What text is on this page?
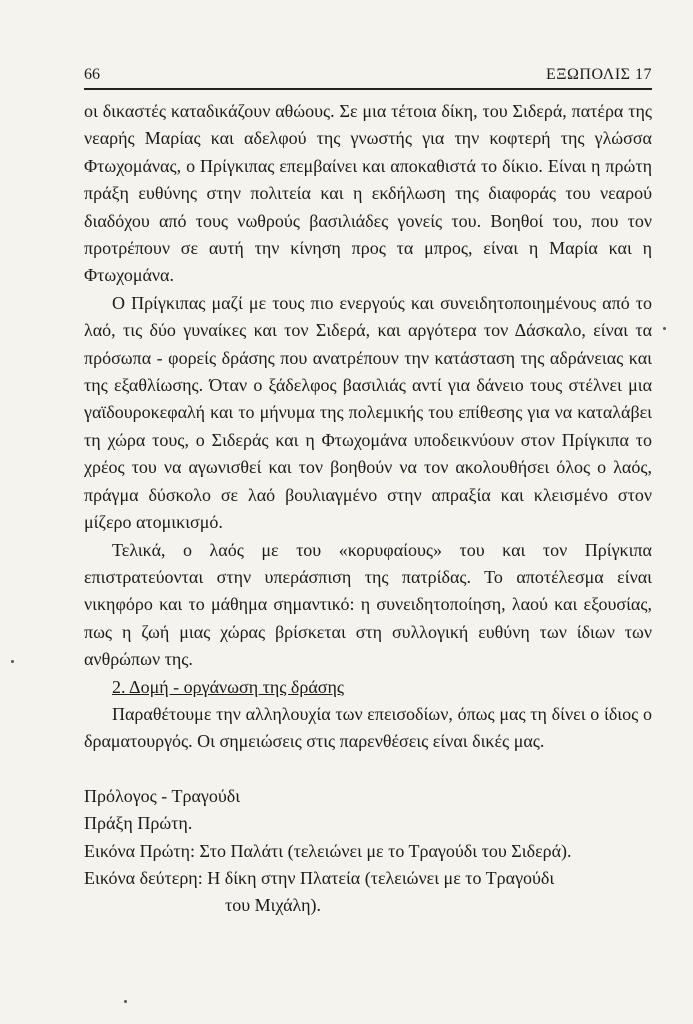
66	ΕΞΩΠΟΛΙΣ 17

οι δικαστές καταδικάζουν αθώους. Σε μια τέτοια δίκη, του Σιδερά, πατέρα της νεαρής Μαρίας και αδελφού της γνωστής για την κοφτερή της γλώσσα Φτωχομάνας, ο Πρίγκιπας επεμβαίνει και αποκαθιστά το δίκιο. Είναι η πρώτη πράξη ευθύνης στην πολιτεία και η εκδήλωση της διαφοράς του νεαρού διαδόχου από τους νωθρούς βασιλιάδες γονείς του. Βοηθοί του, που τον προτρέπουν σε αυτή την κίνηση προς τα μπρος, είναι η Μαρία και η Φτωχομάνα.

Ο Πρίγκιπας μαζί με τους πιο ενεργούς και συνειδητοποιημένους από το λαό, τις δύο γυναίκες και τον Σιδερά, και αργότερα τον Δάσκαλο, είναι τα πρόσωπα - φορείς δράσης που ανατρέπουν την κατάσταση της αδράνειας και της εξαθλίωσης. Όταν ο ξάδελφος βασιλιάς αντί για δάνειο τους στέλνει μια γαϊδουροκεφαλή και το μήνυμα της πολεμικής του επίθεσης για να καταλάβει τη χώρα τους, ο Σιδεράς και η Φτωχομάνα υποδεικνύουν στον Πρίγκιπα το χρέος του να αγωνισθεί και τον βοηθούν να τον ακολουθήσει όλος ο λαός, πράγμα δύσκολο σε λαό βουλιαγμένο στην απραξία και κλεισμένο στον μίζερο ατομικισμό.

Τελικά, ο λαός με του «κορυφαίους» του και τον Πρίγκιπα επιστρατεύονται στην υπεράσπιση της πατρίδας. Το αποτέλεσμα είναι νικηφόρο και το μάθημα σημαντικό: η συνειδητοποίηση, λαού και εξουσίας, πως η ζωή μιας χώρας βρίσκεται στη συλλογική ευθύνη των ίδιων των ανθρώπων της.

2. Δομή - οργάνωση της δράσης

Παραθέτουμε την αλληλουχία των επεισοδίων, όπως μας τη δίνει ο ίδιος ο δραματουργός. Οι σημειώσεις στις παρενθέσεις είναι δικές μας.

Πρόλογος - Τραγούδι
Πράξη Πρώτη.
Εικόνα Πρώτη: Στο Παλάτι (τελειώνει με το Τραγούδι του Σιδερά).
Εικόνα δεύτερη: Η δίκη στην Πλατεία (τελειώνει με το Τραγούδι
του Μιχάλη).
